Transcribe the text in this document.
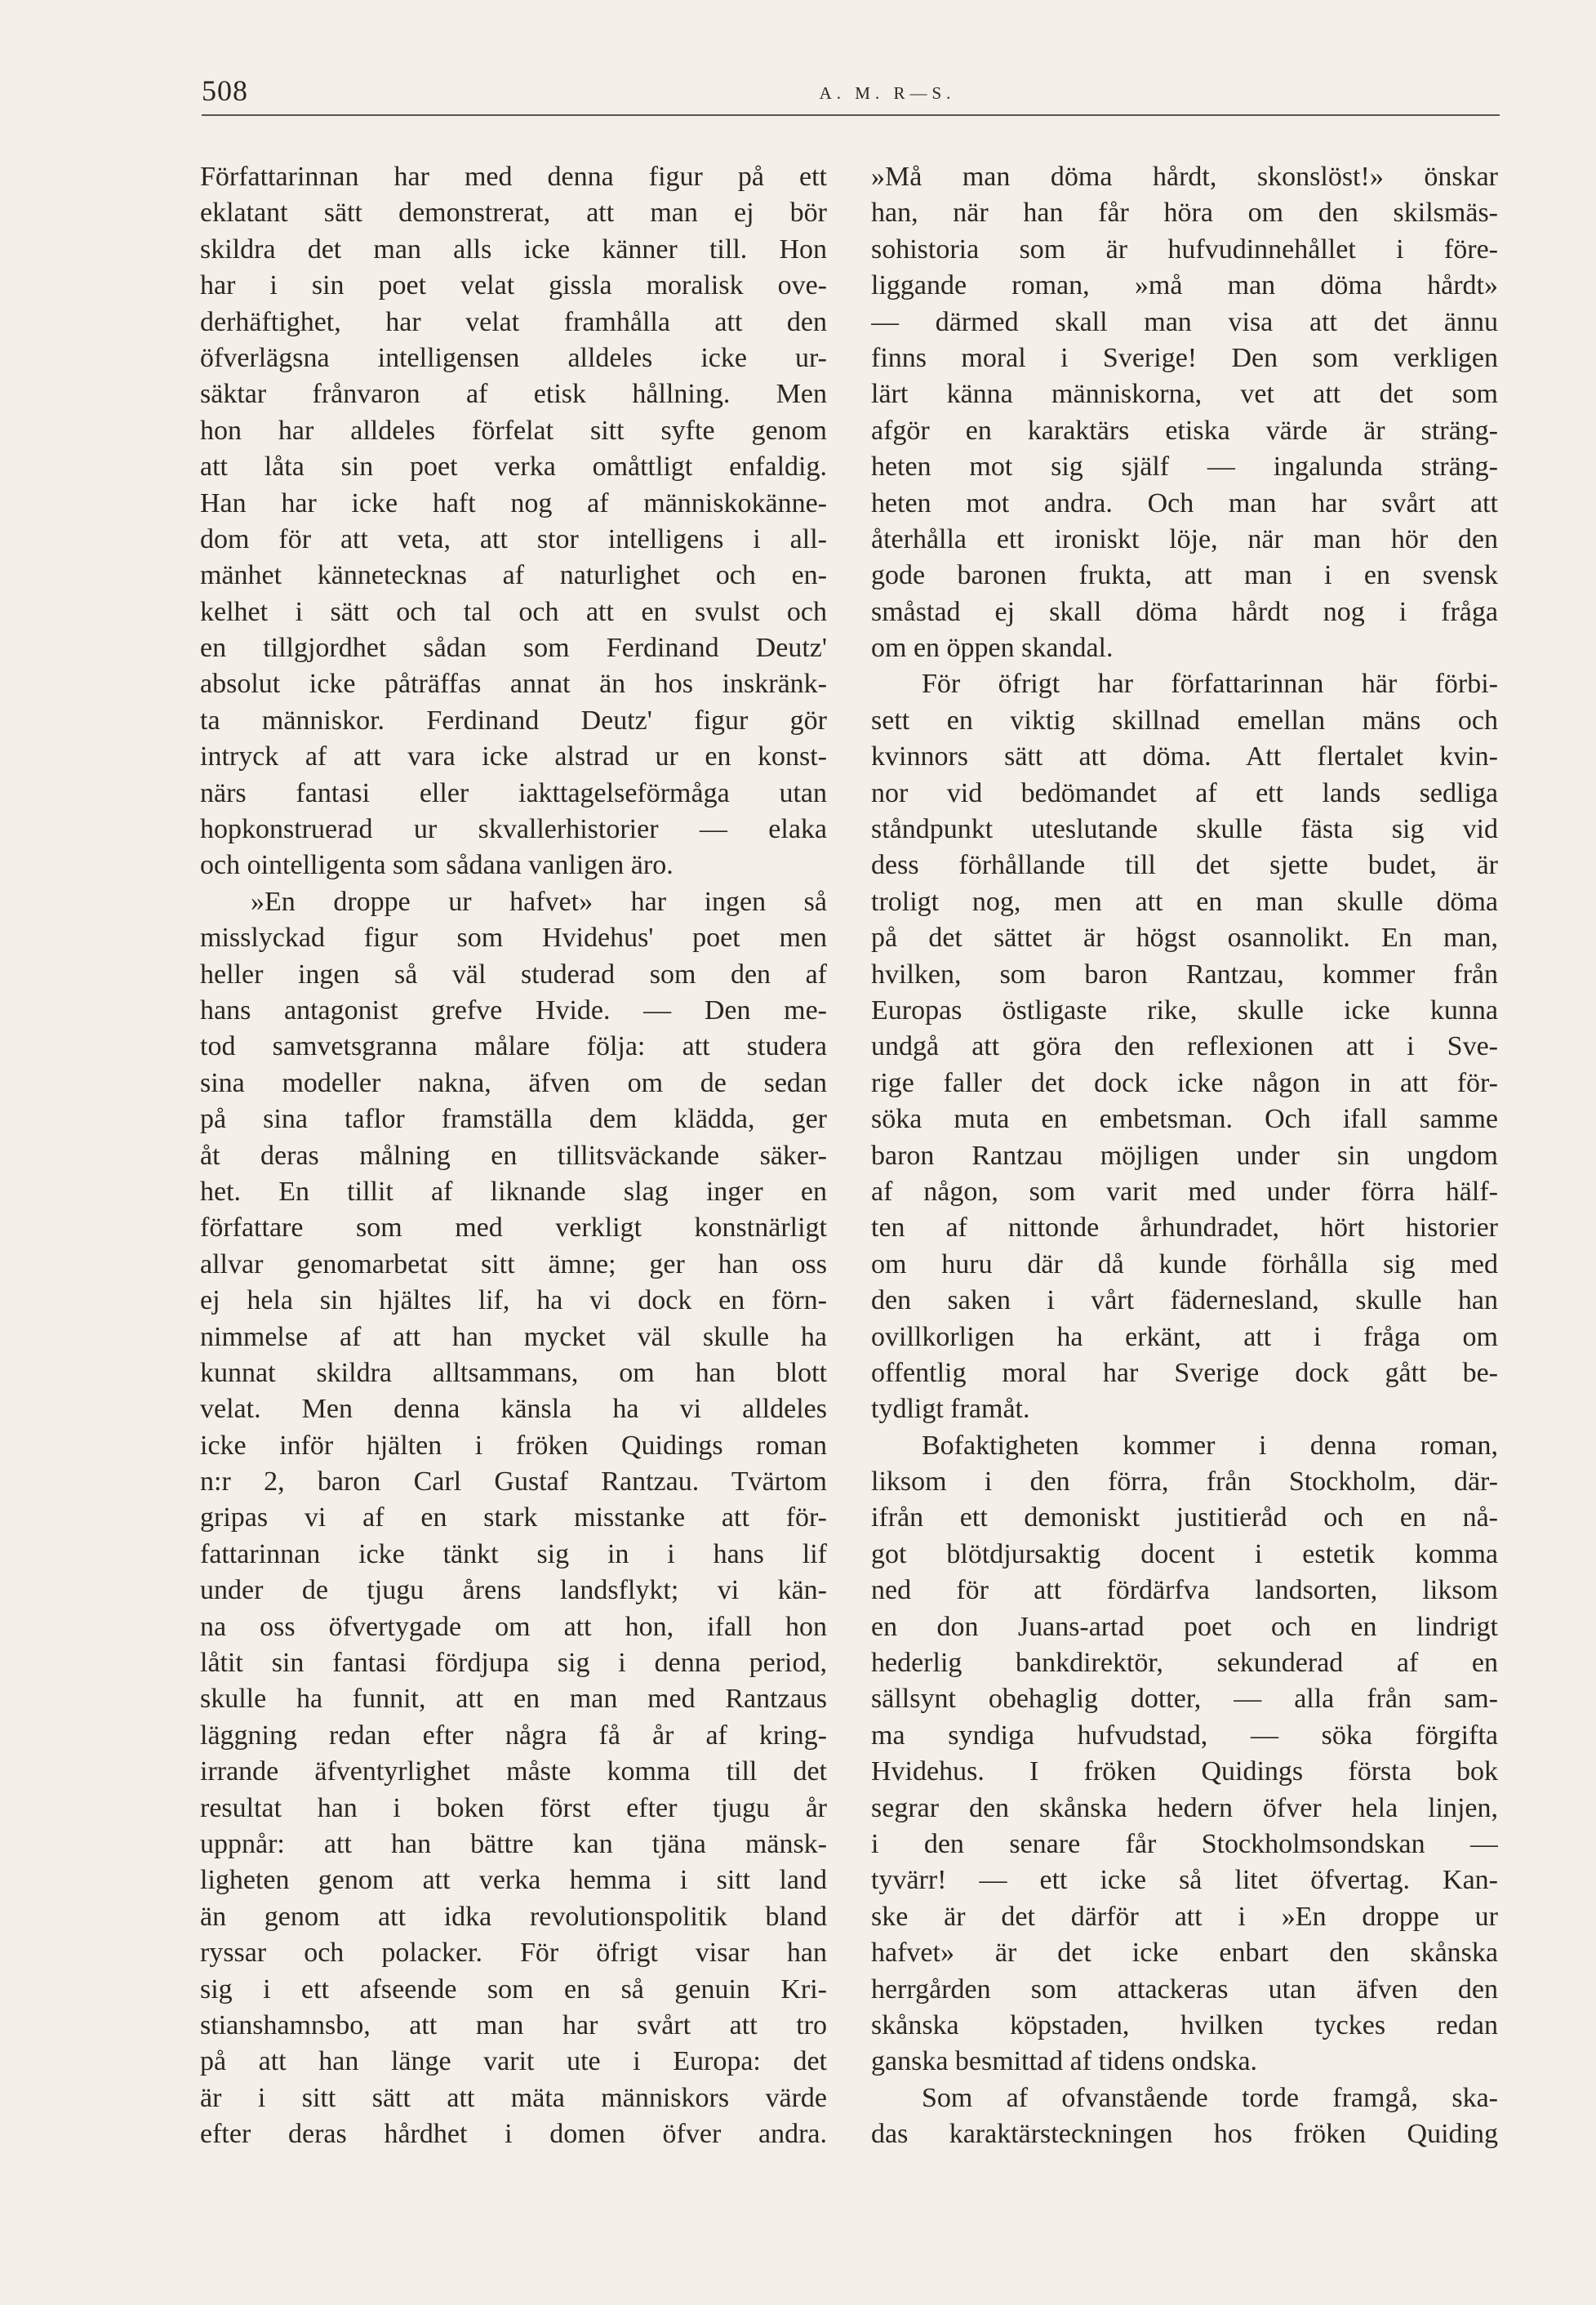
508	A. M. R—S.
Författarinnan har med denna figur på ett
eklatant sätt demonstrerat, att man ej bör
skildra det man alls icke känner till. Hon
har i sin poet velat gissla moralisk ove-
derhäftighet, har velat framhålla att den
öfverlägsna intelligensen alldeles icke ur-
säktar frånvaron af etisk hållning. Men
hon har alldeles förfelat sitt syfte genom
att låta sin poet verka omåttligt enfaldig.
Han har icke haft nog af människokänne-
dom för att veta, att stor intelligens i all-
mänhet kännetecknas af naturlighet och en-
kelhet i sätt och tal och att en svulst och
en tillgjordhet sådan som Ferdinand Deutz'
absolut icke påträffas annat än hos inskränk-
ta människor. Ferdinand Deutz' figur gör
intryck af att vara icke alstrad ur en konst-
närs fantasi eller iakttagelseförmåga utan
hopkonstruerad ur skvallerhistorier — elaka
och ointelligenta som sådana vanligen äro.
»En droppe ur hafvet» har ingen så
misslyckad figur som Hvidehus' poet men
heller ingen så väl studerad som den af
hans antagonist grefve Hvide. — Den me-
tod samvetsgranna målare följa: att studera
sina modeller nakna, äfven om de sedan
på sina taflor framställa dem klädda, ger
åt deras målning en tillitsväckande säker-
het. En tillit af liknande slag inger en
författare som med verkligt konstnärligt
allvar genomarbetat sitt ämne; ger han oss
ej hela sin hjältes lif, ha vi dock en förn-
nimmelse af att han mycket väl skulle ha
kunnat skildra alltsammans, om han blott
velat. Men denna känsla ha vi alldeles
icke inför hjälten i fröken Quidings roman
n:r 2, baron Carl Gustaf Rantzau. Tvärtom
gripas vi af en stark misstanke att för-
fattarinnan icke tänkt sig in i hans lif
under de tjugu årens landsflykt; vi kän-
na oss öfvertygade om att hon, ifall hon
låtit sin fantasi fördjupa sig i denna period,
skulle ha funnit, att en man med Rantzaus
läggning redan efter några få år af kring-
irrande äfventyrlighet måste komma till det
resultat han i boken först efter tjugu år
uppnår: att han bättre kan tjäna mänsk-
ligheten genom att verka hemma i sitt land
än genom att idka revolutionspolitik bland
ryssar och polacker. För öfrigt visar han
sig i ett afseende som en så genuin Kri-
stianshamnsbo, att man har svårt att tro
på att han länge varit ute i Europa: det
är i sitt sätt att mäta människors värde
efter deras hårdhet i domen öfver andra.
»Må man döma hårdt, skonslöst!» önskar
han, när han får höra om den skilsmäs-
sohistoria som är hufvudinnehållet i före-
liggande roman, »må man döma hårdt»
— därmed skall man visa att det ännu
finns moral i Sverige! Den som verkligen
lärt känna människorna, vet att det som
afgör en karaktärs etiska värde är sträng-
heten mot sig själf — ingalunda sträng-
heten mot andra. Och man har svårt att
återhålla ett ironiskt löje, när man hör den
gode baronen frukta, att man i en svensk
småstad ej skall döma hårdt nog i fråga
om en öppen skandal.
För öfrigt har författarinnan här förbi-
sett en viktig skillnad emellan mäns och
kvinnors sätt att döma. Att flertalet kvin-
nor vid bedömandet af ett lands sedliga
ståndpunkt uteslutande skulle fästa sig vid
dess förhållande till det sjette budet, är
troligt nog, men att en man skulle döma
på det sättet är högst osannolikt. En man,
hvilken, som baron Rantzau, kommer från
Europas östligaste rike, skulle icke kunna
undgå att göra den reflexionen att i Sve-
rige faller det dock icke någon in att för-
söka muta en embetsman. Och ifall samme
baron Rantzau möjligen under sin ungdom
af någon, som varit med under förra hälf-
ten af nittonde århundradet, hört historier
om huru där då kunde förhålla sig med
den saken i vårt fädernesland, skulle han
ovillkorligen ha erkänt, att i fråga om
offentlig moral har Sverige dock gått be-
tydligt framåt.
Bofaktigheten kommer i denna roman,
liksom i den förra, från Stockholm, där-
ifrån ett demoniskt justitieråd och en nå-
got blötdjursaktig docent i estetik komma
ned för att fördärfva landsorten, liksom
en don Juans-artad poet och en lindrigt
hederlig bankdirektör, sekunderad af en
sällsynt obehaglig dotter, — alla från sam-
ma syndiga hufvudstad, — söka förgifta
Hvidehus. I fröken Quidings första bok
segrar den skånska hedern öfver hela linjen,
i den senare får Stockholmsondskan —
tyvärr! — ett icke så litet öfvertag. Kan-
ske är det därför att i »En droppe ur
hafvet» är det icke enbart den skånska
herrgården som attackeras utan äfven den
skånska köpstaden, hvilken tyckes redan
ganska besmittad af tidens ondska.
Som af ofvanstående torde framgå, ska-
das karaktärsteckningen hos fröken Quiding
